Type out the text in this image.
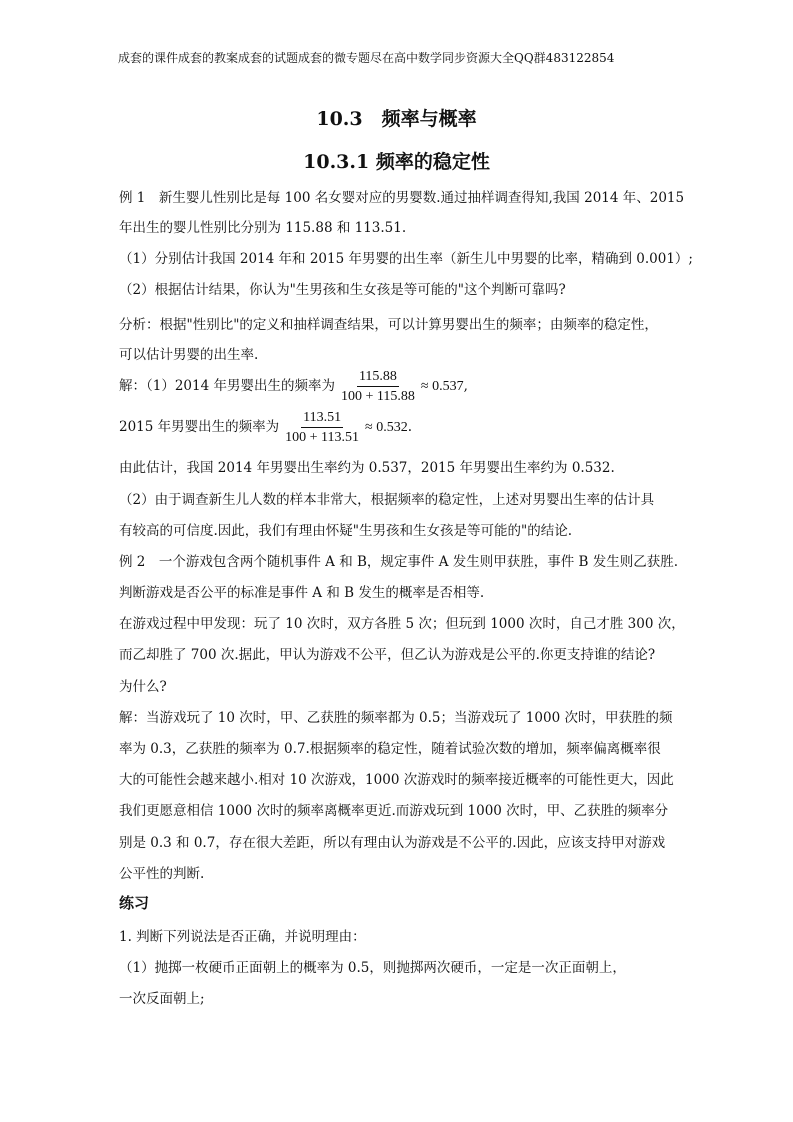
成套的课件成套的教案成套的试题成套的微专题尽在高中数学同步资源大全QQ群483122854
10.3　频率与概率
10.3.1 频率的稳定性
例 1　新生婴儿性别比是每 100 名女婴对应的男婴数.通过抽样调查得知,我国 2014 年、2015
年出生的婴儿性别比分别为 115.88 和 113.51.
（1）分别估计我国 2014 年和 2015 年男婴的出生率（新生儿中男婴的比率，精确到 0.001）;
（2）根据估计结果，你认为"生男孩和生女孩是等可能的"这个判断可靠吗?
分析：根据"性别比"的定义和抽样调查结果，可以计算男婴出生的频率；由频率的稳定性，
可以估计男婴的出生率.
解：（1）2014 年男婴出生的频率为 $\frac{115.88}{100 + 115.88} \approx 0.537$,
2015 年男婴出生的频率为 $\frac{113.51}{100 + 113.51} \approx 0.532$.
由此估计，我国 2014 年男婴出生率约为 0.537，2015 年男婴出生率约为 0.532.
（2）由于调查新生儿人数的样本非常大，根据频率的稳定性，上述对男婴出生率的估计具
有较高的可信度.因此，我们有理由怀疑"生男孩和生女孩是等可能的"的结论.
例 2　一个游戏包含两个随机事件 A 和 B，规定事件 A 发生则甲获胜，事件 B 发生则乙获胜.
判断游戏是否公平的标准是事件 A 和 B 发生的概率是否相等.
在游戏过程中甲发现：玩了 10 次时，双方各胜 5 次；但玩到 1000 次时，自己才胜 300 次，
而乙却胜了 700 次.据此，甲认为游戏不公平，但乙认为游戏是公平的.你更支持谁的结论?
为什么?
解：当游戏玩了 10 次时，甲、乙获胜的频率都为 0.5；当游戏玩了 1000 次时，甲获胜的频
率为 0.3，乙获胜的频率为 0.7.根据频率的稳定性，随着试验次数的增加，频率偏离概率很
大的可能性会越来越小.相对 10 次游戏，1000 次游戏时的频率接近概率的可能性更大，因此
我们更愿意相信 1000 次时的频率离概率更近.而游戏玩到 1000 次时，甲、乙获胜的频率分
别是 0.3 和 0.7，存在很大差距，所以有理由认为游戏是不公平的.因此，应该支持甲对游戏
公平性的判断.
练习
1. 判断下列说法是否正确，并说明理由：
（1）抛掷一枚硬币正面朝上的概率为 0.5，则抛掷两次硬币，一定是一次正面朝上，
一次反面朝上;
